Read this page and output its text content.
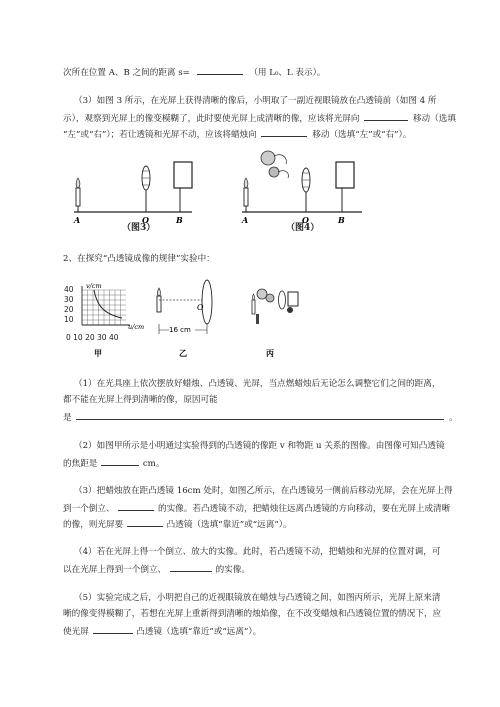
次所在位置 A、B 之间的距离 s=	（用 L₀、L 表示）。
（3）如图 3 所示，在光屏上获得清晰的像后，小明取了一副近视眼镜放在凸透镜前（如图 4 所
示），观察到光屏上的像变模糊了，此时要使光屏上成清晰的像，应该将光屏向	移动（选填
“左”或“右”）；若让透镜和光屏不动，应该将蜡烛向	移动（选填“左”或“右”）。
A	O	B
（图3）
A	O	B
（图4）
2、在探究“凸透镜成像的规律”实验中：
40
30
20
10
0 10 20 30 40
v/cm
u/cm
甲
O
16 cm
乙	丙
（1）在光具座上依次摆放好蜡烛、凸透镜、光屏，当点燃蜡烛后无论怎么调整它们之间的距离，
都不能在光屏上得到清晰的像，原因可能
是	。
（2）如图甲所示是小明通过实验得到的凸透镜的像距 v 和物距 u 关系的图像。由图像可知凸透镜
的焦距是	cm。
（3）把蜡烛放在距凸透镜 16cm 处时，如图乙所示，在凸透镜另一侧前后移动光屏，会在光屏上得
到一个倒立、	的实像。若凸透镜不动，把蜡烛往远离凸透镜的方向移动，要在光屏上成清晰
的像，则光屏要	凸透镜（选填“靠近”或“远离”）。
（4）若在光屏上得一个倒立、放大的实像。此时，若凸透镜不动，把蜡烛和光屏的位置对调，可
以在光屏上得到一个倒立、	的实像。
（5）实验完成之后，小明把自己的近视眼镜放在蜡烛与凸透镜之间，如图丙所示，光屏上原来清
晰的像变得模糊了，若想在光屏上重新得到清晰的烛焰像，在不改变蜡烛和凸透镜位置的情况下，应
使光屏	凸透镜（选填“靠近”或“远离”）。
